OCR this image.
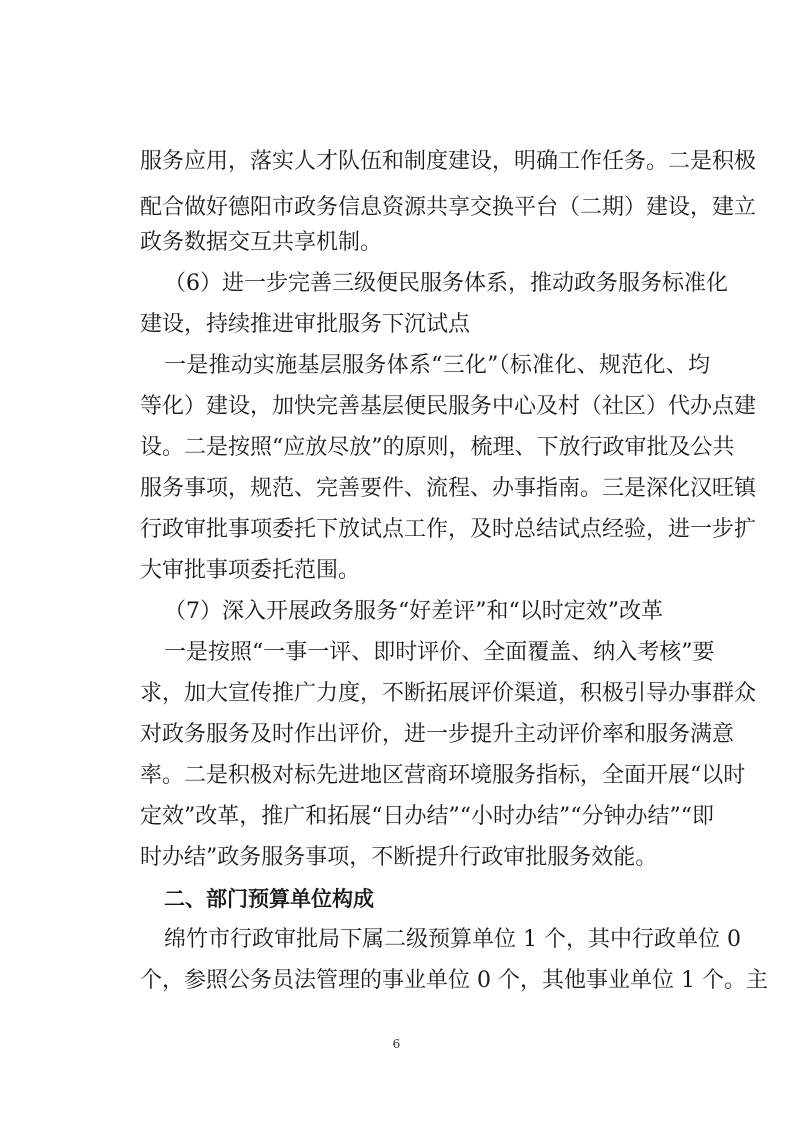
服务应用，落实人才队伍和制度建设，明确工作任务。二是积极
配合做好德阳市政务信息资源共享交换平台（二期）建设，建立
政务数据交互共享机制。
（6）进一步完善三级便民服务体系，推动政务服务标准化
建设，持续推进审批服务下沉试点
一是推动实施基层服务体系“三化”（标准化、规范化、均
等化）建设，加快完善基层便民服务中心及村（社区）代办点建
设。二是按照“应放尽放”的原则，梳理、下放行政审批及公共
服务事项，规范、完善要件、流程、办事指南。三是深化汉旺镇
行政审批事项委托下放试点工作，及时总结试点经验，进一步扩
大审批事项委托范围。
（7）深入开展政务服务“好差评”和“以时定效”改革
一是按照“一事一评、即时评价、全面覆盖、纳入考核”要
求，加大宣传推广力度，不断拓展评价渠道，积极引导办事群众
对政务服务及时作出评价，进一步提升主动评价率和服务满意
率。二是积极对标先进地区营商环境服务指标，全面开展“以时
定效”改革，推广和拓展“日办结”“小时办结”“分钟办结”“即
时办结”政务服务事项，不断提升行政审批服务效能。
二、部门预算单位构成
绵竹市行政审批局下属二级预算单位 1 个，其中行政单位 0
个，参照公务员法管理的事业单位 0 个，其他事业单位 1 个。主
6
